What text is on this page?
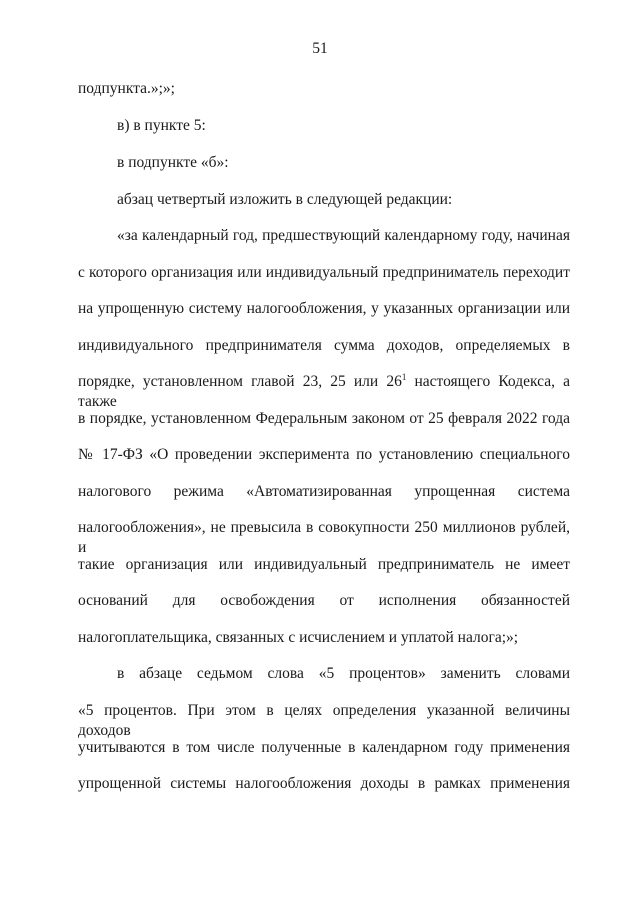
51
подпункта.»;»;
в) в пункте 5:
в подпункте «б»:
абзац четвертый изложить в следующей редакции:
«за календарный год, предшествующий календарному году, начиная
с которого организация или индивидуальный предприниматель переходит
на упрощенную систему налогообложения, у указанных организации или
индивидуального предпринимателя сумма доходов, определяемых в
порядке, установленном главой 23, 25 или $26^1$ настоящего Кодекса, а также
в порядке, установленном Федеральным законом от 25 февраля 2022 года
№ 17-ФЗ «О проведении эксперимента по установлению специального
налогового режима «Автоматизированная упрощенная система
налогообложения», не превысила в совокупности 250 миллионов рублей, и
такие организация или индивидуальный предприниматель не имеет
оснований для освобождения от исполнения обязанностей
налогоплательщика, связанных с исчислением и уплатой налога;»;
в абзаце седьмом слова «5 процентов» заменить словами
«5 процентов. При этом в целях определения указанной величины доходов
учитываются в том числе полученные в календарном году применения
упрощенной системы налогообложения доходы в рамках применения
